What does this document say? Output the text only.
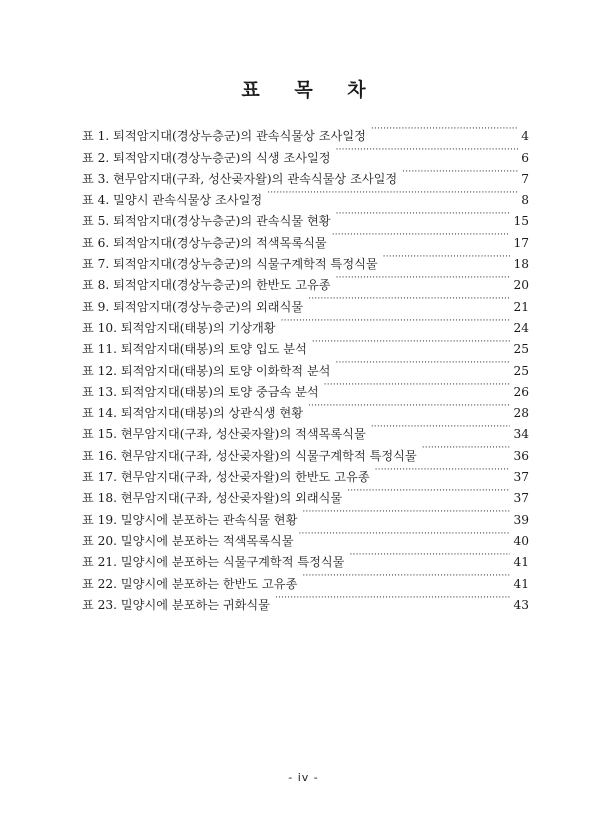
표 목 차
표 1. 퇴적암지대(경상누층군)의 관속식물상 조사일정 ·····	4
표 2. 퇴적암지대(경상누층군)의 식생 조사일정 ·····	6
표 3. 현무암지대(구좌, 성산곶자왈)의 관속식물상 조사일정 ·····	7
표 4. 밀양시 관속식물상 조사일정 ·····	8
표 5. 퇴적암지대(경상누층군)의 관속식물 현황 ·····	15
표 6. 퇴적암지대(경상누층군)의 적색목록식물 ·····	17
표 7. 퇴적암지대(경상누층군)의 식물구계학적 특정식물 ·····	18
표 8. 퇴적암지대(경상누층군)의 한반도 고유종 ·····	20
표 9. 퇴적암지대(경상누층군)의 외래식물 ·····	21
표 10. 퇴적암지대(태봉)의 기상개황 ·····	24
표 11. 퇴적암지대(태봉)의 토양 입도 분석 ·····	25
표 12. 퇴적암지대(태봉)의 토양 이화학적 분석 ·····	25
표 13. 퇴적암지대(태봉)의 토양 중금속 분석 ·····	26
표 14. 퇴적암지대(태봉)의 상관식생 현황 ·····	28
표 15. 현무암지대(구좌, 성산곶자왈)의 적색목록식물 ·····	34
표 16. 현무암지대(구좌, 성산곶자왈)의 식물구계학적 특정식물 ·····	36
표 17. 현무암지대(구좌, 성산곶자왈)의 한반도 고유종 ·····	37
표 18. 현무암지대(구좌, 성산곶자왈)의 외래식물 ·····	37
표 19. 밀양시에 분포하는 관속식물 현황 ·····	39
표 20. 밀양시에 분포하는 적색목록식물 ·····	40
표 21. 밀양시에 분포하는 식물구계학적 특정식물 ·····	41
표 22. 밀양시에 분포하는 한반도 고유종 ·····	41
표 23. 밀양시에 분포하는 귀화식물 ·····	43
- iv -
